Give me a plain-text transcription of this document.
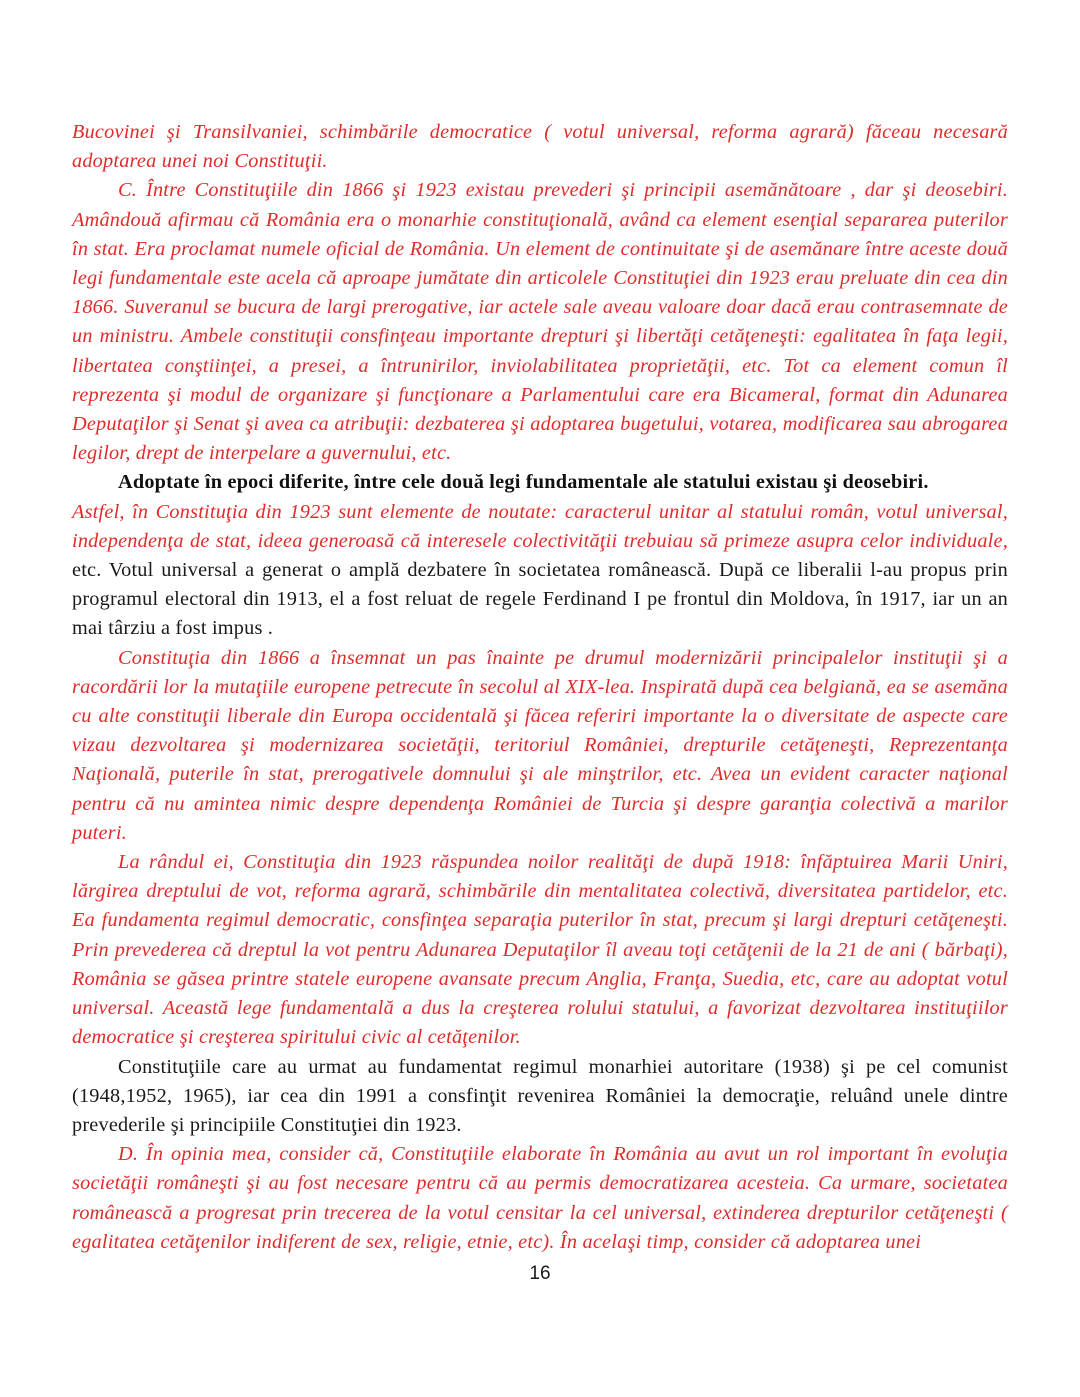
Bucovinei şi Transilvaniei, schimbările democratice ( votul universal, reforma agrară) făceau necesară adoptarea unei noi Constituţii.

C. Între Constituţiile din 1866 şi 1923 existau prevederi şi principii asemănătoare , dar şi deosebiri. Amândouă afirmau că România era o monarhie constituţională, având ca element esenţial separarea puterilor în stat. Era proclamat numele oficial de România. Un element de continuitate şi de asemănare între aceste două legi fundamentale este acela că aproape jumătate din articolele Constituţiei din 1923 erau preluate din cea din 1866. Suveranul se bucura de largi prerogative, iar actele sale aveau valoare doar dacă erau contrasemnate de un ministru. Ambele constituţii consfinţeau importante drepturi şi libertăţi cetăţeneşti: egalitatea în faţa legii, libertatea conştiinţei, a presei, a întrunirilor, inviolabilitatea proprietăţii, etc. Tot ca element comun îl reprezenta şi modul de organizare şi funcţionare a Parlamentului care era Bicameral, format din Adunarea Deputaţilor şi Senat şi avea ca atribuţii: dezbaterea şi adoptarea bugetului, votarea, modificarea sau abrogarea legilor, drept de interpelare a guvernului, etc.

Adoptate în epoci diferite, între cele două legi fundamentale ale statului existau şi deosebiri.

Astfel, în Constituţia din 1923 sunt elemente de noutate: caracterul unitar al statului român, votul universal, independenţa de stat, ideea generoasă că interesele colectivităţii trebuiau să primeze asupra celor individuale, etc. Votul universal a generat o amplă dezbatere în societatea românească. După ce liberalii l-au propus prin programul electoral din 1913, el a fost reluat de regele Ferdinand I pe frontul din Moldova, în 1917, iar un an mai târziu a fost impus .

Constituţia din 1866 a însemnat un pas înainte pe drumul modernizării principalelor instituţii şi a racordării lor la mutaţiile europene petrecute în secolul al XIX-lea. Inspirată după cea belgiană, ea se asemăna cu alte constituţii liberale din Europa occidentală şi făcea referiri importante la o diversitate de aspecte care vizau dezvoltarea şi modernizarea societăţii, teritoriul României, drepturile cetăţeneşti, Reprezentanţa Naţională, puterile în stat, prerogativele domnului şi ale minştrilor, etc. Avea un evident caracter naţional pentru că nu amintea nimic despre dependenţa României de Turcia şi despre garanţia colectivă a marilor puteri.

La rândul ei, Constituţia din 1923 răspundea noilor realităţi de după 1918: înfăptuirea Marii Uniri, lărgirea dreptului de vot, reforma agrară, schimbările din mentalitatea colectivă, diversitatea partidelor, etc. Ea fundamenta regimul democratic, consfinţea separaţia puterilor în stat, precum şi largi drepturi cetăţeneşti. Prin prevederea că dreptul la vot pentru Adunarea Deputaţilor îl aveau toţi cetăţenii de la 21 de ani ( bărbaţi), România se găsea printre statele europene avansate precum Anglia, Franţa, Suedia, etc, care au adoptat votul universal. Această lege fundamentală a dus la creşterea rolului statului, a favorizat dezvoltarea instituţiilor democratice şi creşterea spiritului civic al cetăţenilor.

Constituţiile care au urmat au fundamentat regimul monarhiei autoritare (1938) şi pe cel comunist (1948,1952, 1965), iar cea din 1991 a consfinţit revenirea României la democraţie, reluând unele dintre prevederile şi principiile Constituţiei din 1923.

D. În opinia mea, consider că, Constituţiile elaborate în România au avut un rol important în evoluţia societăţii româneşti şi au fost necesare pentru că au permis democratizarea acesteia. Ca urmare, societatea românească a progresat prin trecerea de la votul censitar la cel universal, extinderea drepturilor cetăţeneşti ( egalitatea cetăţenilor indiferent de sex, religie, etnie, etc). În acelaşi timp, consider că adoptarea unei

16
